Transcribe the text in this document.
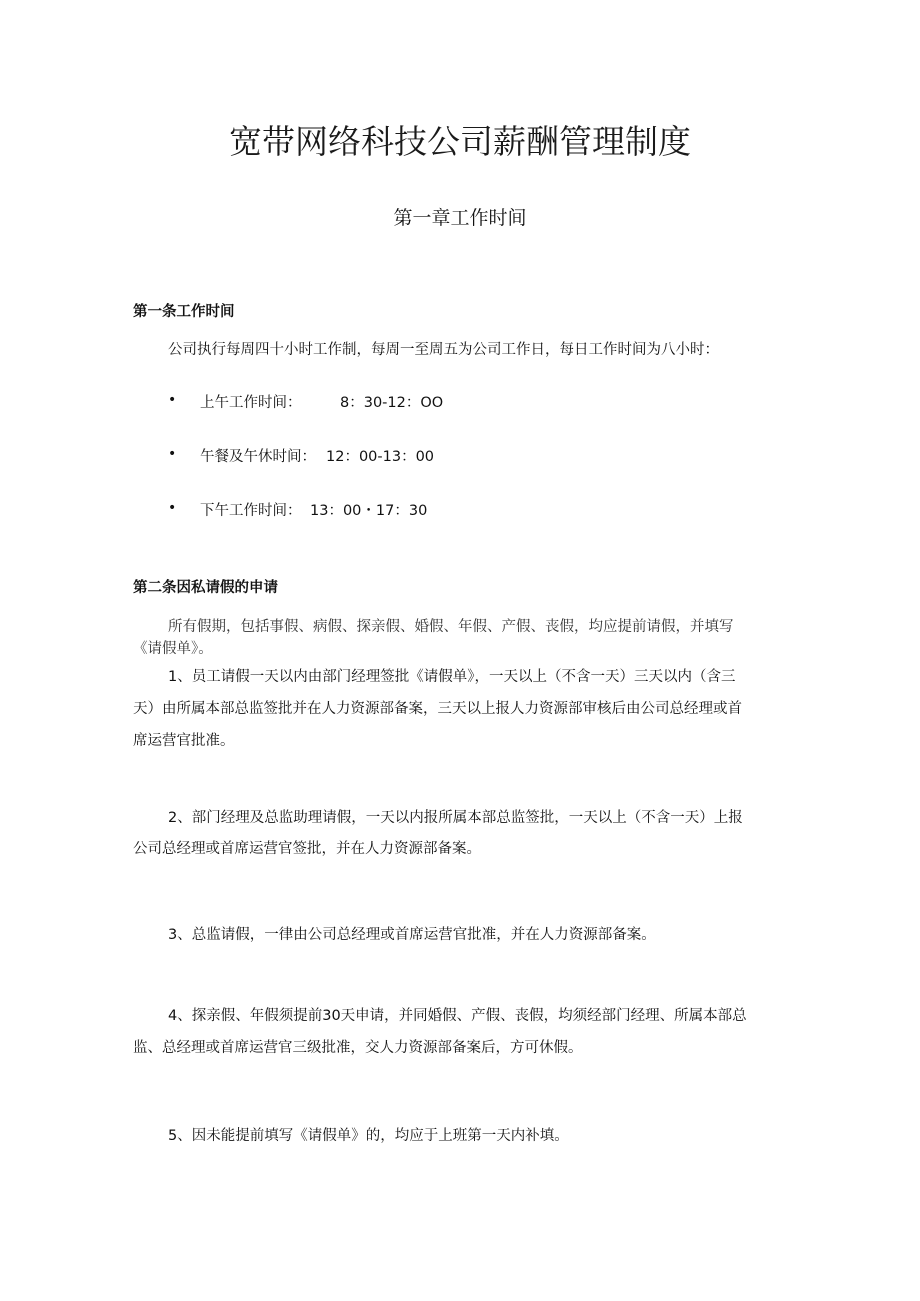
宽带网络科技公司薪酬管理制度
第一章工作时间
第一条工作时间
公司执行每周四十小时工作制，每周一至周五为公司工作日，每日工作时间为八小时：
• 上午工作时间：	8：30-12：OO
• 午餐及午休时间： 12：00-13：00
• 下午工作时间： 13：00・17：30
第二条因私请假的申请
所有假期，包括事假、病假、探亲假、婚假、年假、产假、丧假，均应提前请假，并填写
《请假单》。
1、员工请假一天以内由部门经理签批《请假单》，一天以上（不含一天）三天以内（含三
天）由所属本部总监签批并在人力资源部备案，三天以上报人力资源部审核后由公司总经理或首
席运营官批准。
2、部门经理及总监助理请假，一天以内报所属本部总监签批，一天以上（不含一天）上报
公司总经理或首席运营官签批，并在人力资源部备案。
3、总监请假，一律由公司总经理或首席运营官批准，并在人力资源部备案。
4、探亲假、年假须提前30天申请，并同婚假、产假、丧假，均须经部门经理、所属本部总
监、总经理或首席运营官三级批准，交人力资源部备案后，方可休假。
5、因未能提前填写《请假单》的，均应于上班第一天内补填。
